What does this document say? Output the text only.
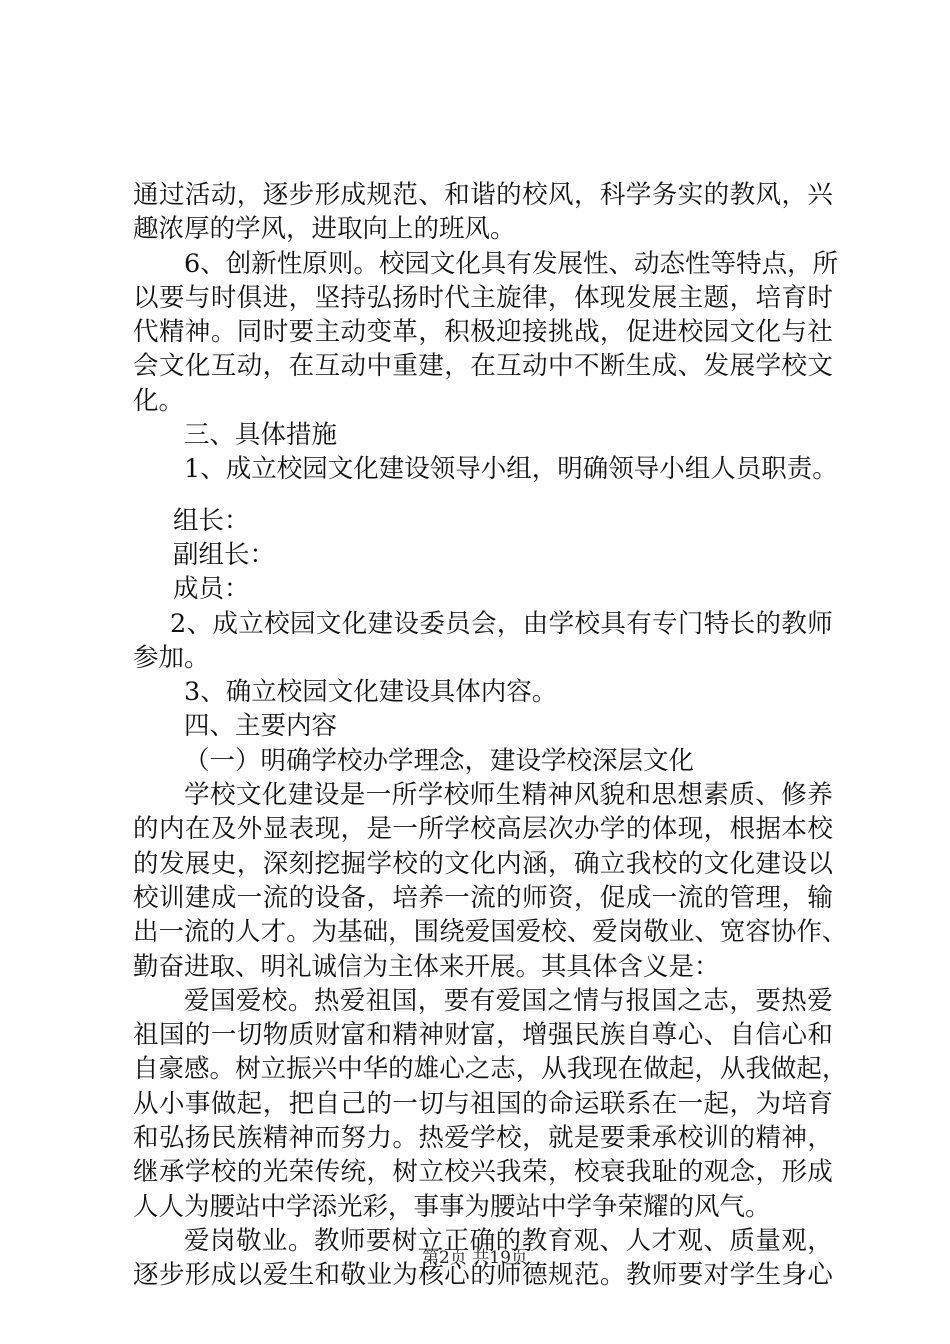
通 过 活 动 ， 逐 步 形 成 规 范 、 和 谐 的 校 风 ， 科 学 务 实 的 教 风 ， 兴
趣浓厚的学风，进取向上的班风。
6 、 创 新 性 原 则 。 校 园 文 化 具 有 发 展 性 、 动 态 性 等 特 点 ， 所
以 要 与 时 俱 进 ， 坚 持 弘 扬 时 代 主 旋 律 ， 体 现 发 展 主 题 ， 培 育 时
代 精 神 。 同 时 要 主 动 变 革 ， 积 极 迎 接 挑 战 ， 促 进 校 园 文 化 与 社
会 文 化 互 动 ， 在 互 动 中 重 建 ， 在 互 动 中 不 断 生 成 、 发 展 学 校 文
化。
三、具体措施
1、成立校园文化建设领导小组，明确领导小组人员职责。
组长：
副组长：
成员：
2 、 成 立 校 园 文 化 建 设 委 员 会 ， 由 学 校 具 有 专 门 特 长 的 教 师
参加。
3、确立校园文化建设具体内容。
四、主要内容
（一）明确学校办学理念，建设学校深层文化
学 校 文 化 建 设 是 一 所 学 校 师 生 精 神 风 貌 和 思 想 素 质 、 修 养
的 内 在 及 外 显 表 现 ， 是 一 所 学 校 高 层 次 办 学 的 体 现 ， 根 据 本 校
的 发 展 史 ， 深 刻 挖 掘 学 校 的 文 化 内 涵 ， 确 立 我 校 的 文 化 建 设 以
校 训 建 成 一 流 的 设 备 ， 培 养 一 流 的 师 资 ， 促 成 一 流 的 管 理 ， 输
出 一 流 的 人 才 。 为 基 础 ， 围 绕 爱 国 爱 校 、 爱 岗 敬 业 、 宽 容 协 作 、
勤奋进取、明礼诚信为主体来开展。其具体含义是：
爱 国 爱 校 。 热 爱 祖 国 ， 要 有 爱 国 之 情 与 报 国 之 志 ， 要 热 爱
祖 国 的 一 切 物 质 财 富 和 精 神 财 富 ， 增 强 民 族 自 尊 心 、 自 信 心 和
自 豪 感 。 树 立 振 兴 中 华 的 雄 心 之 志 ， 从 我 现 在 做 起 ， 从 我 做 起 ，
从 小 事 做 起 ， 把 自 己 的 一 切 与 祖 国 的 命 运 联 系 在 一 起 ， 为 培 育
和 弘 扬 民 族 精 神 而 努 力 。 热 爱 学 校 ， 就 是 要 秉 承 校 训 的 精 神 ，
继 承 学 校 的 光 荣 传 统 ， 树 立 校 兴 我 荣 ， 校 衰 我 耻 的 观 念 ， 形 成
人人为腰站中学添光彩，事事为腰站中学争荣耀的风气。
爱 岗 敬 业 。 教 师 要 树 立 正 确 的 教 育 观 、 人 才 观 、 质 量 观 ，
逐 步 形 成 以 爱 生 和 敬 业 为 核 心 的 师 德 规 范 。 教 师 要 对 学 生 身 心
第2页 共19页
